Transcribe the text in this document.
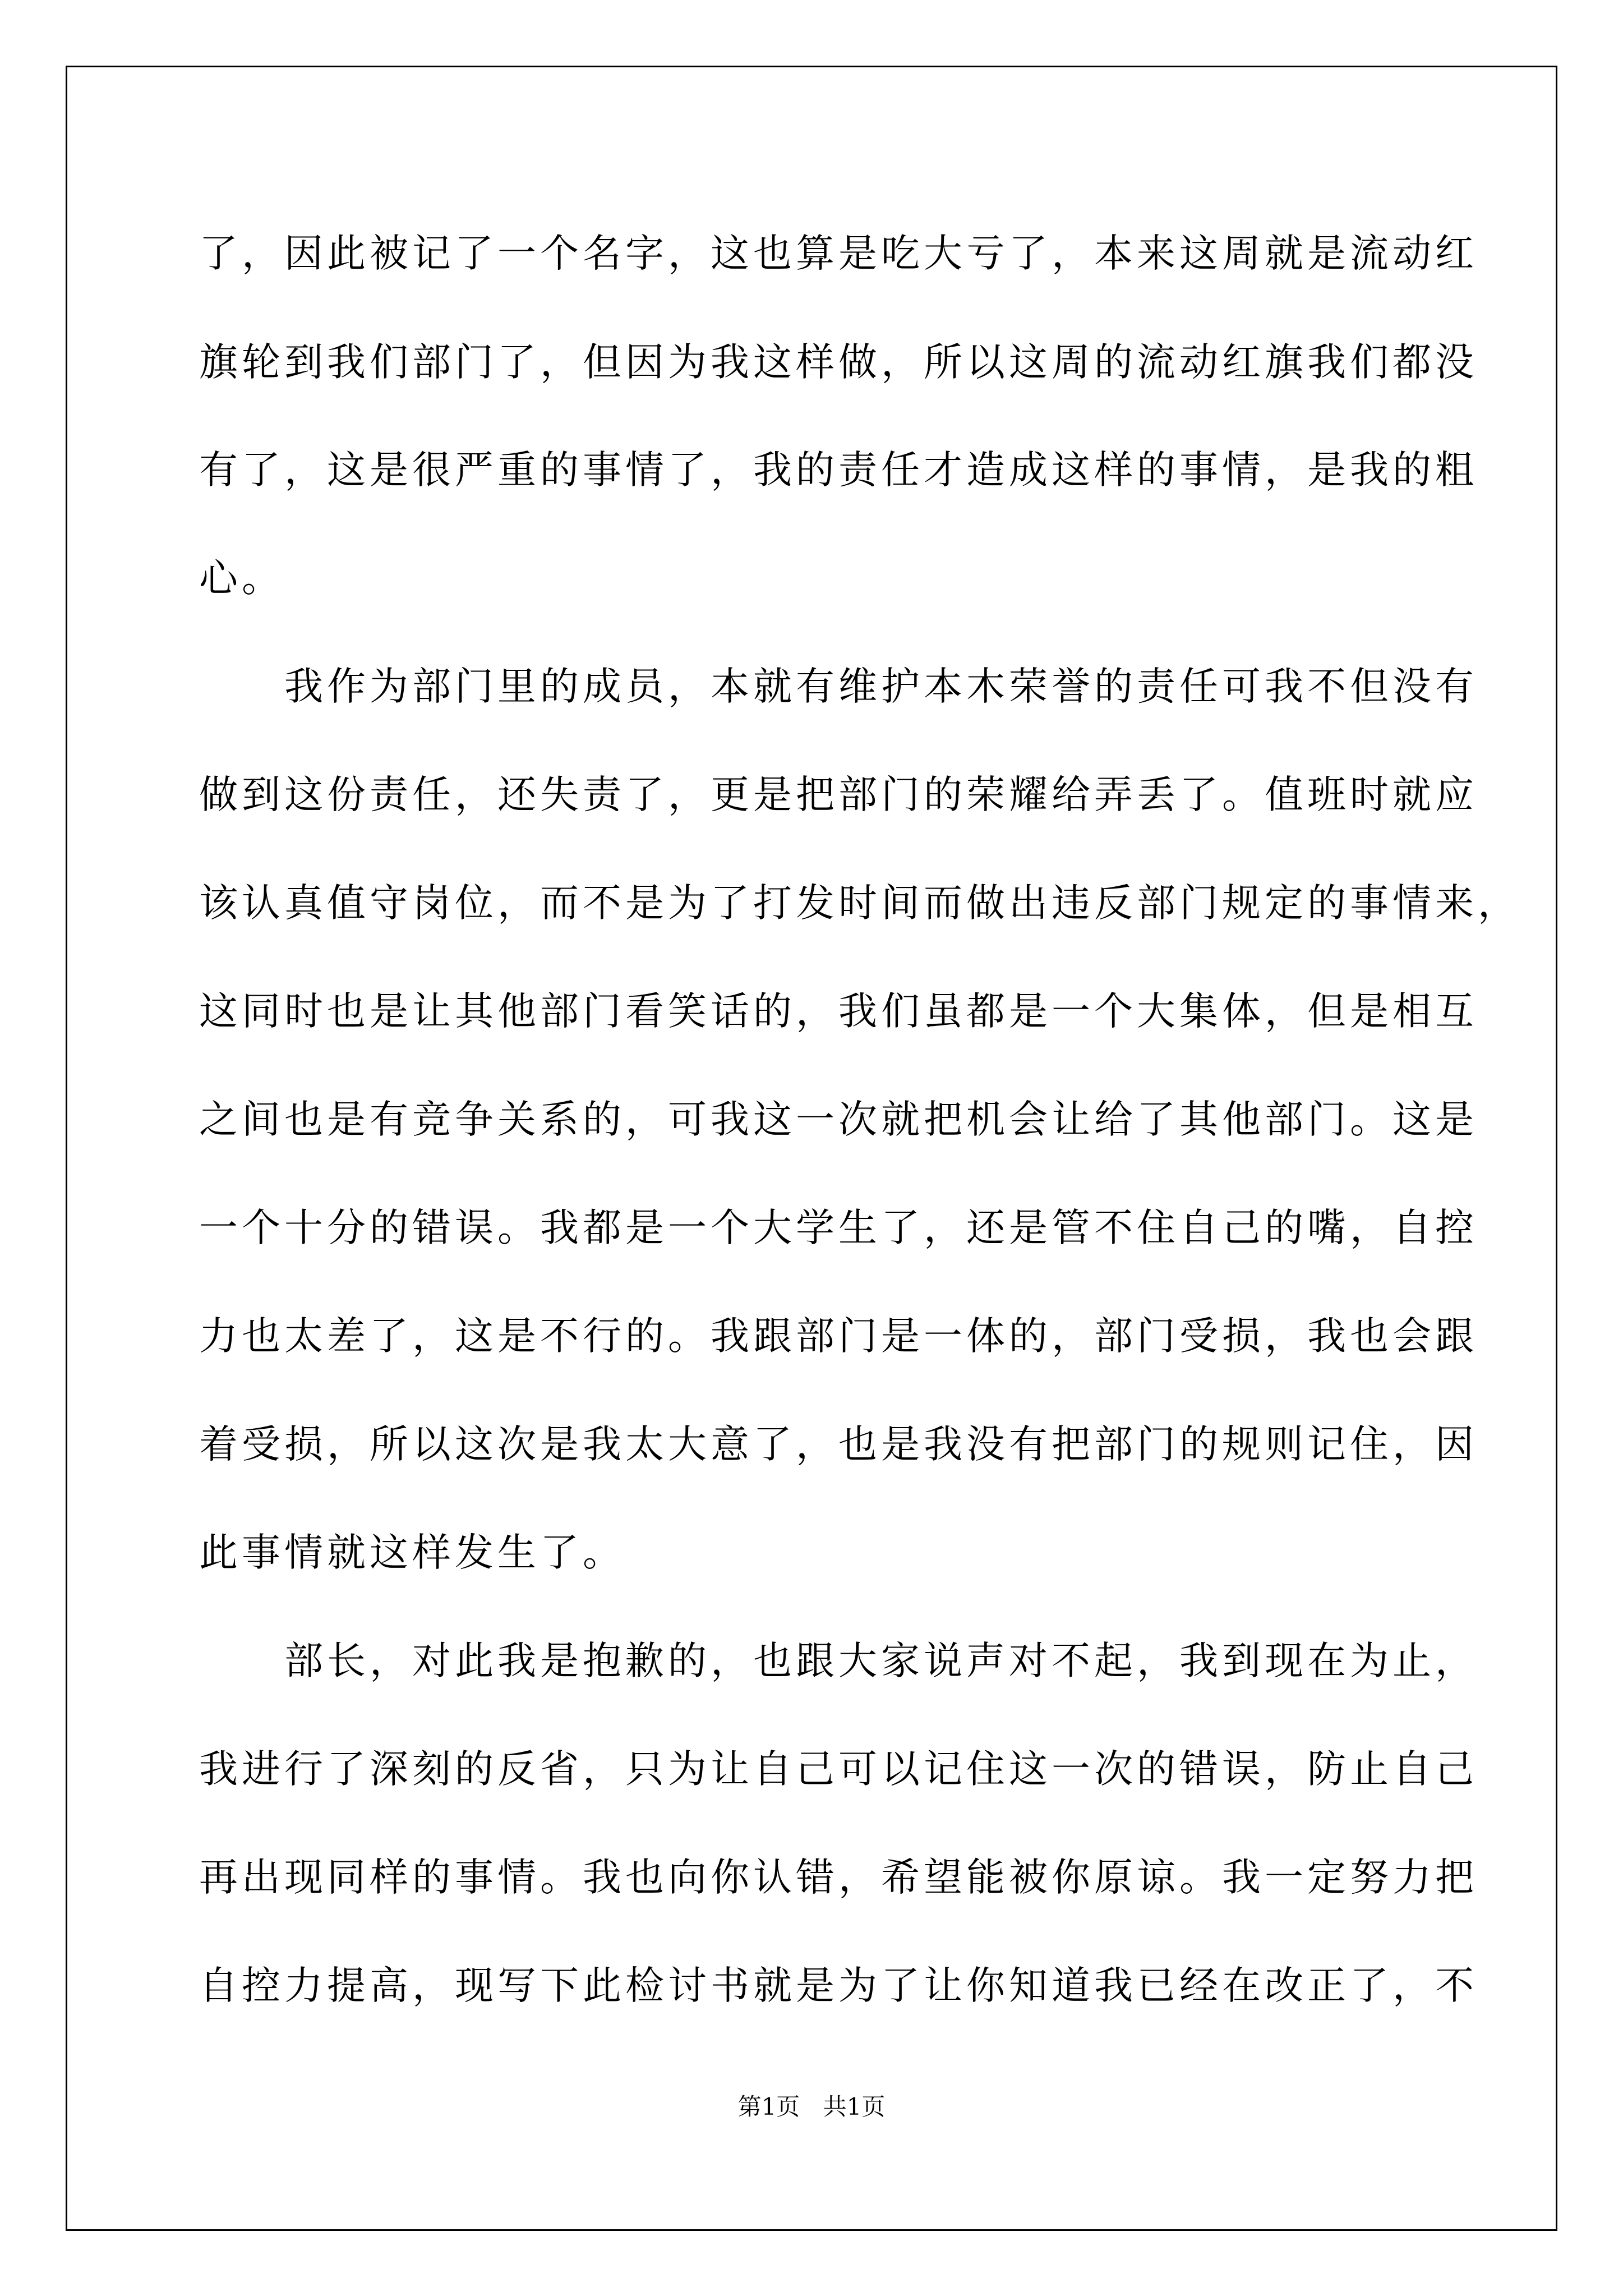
了，因此被记了一个名字，这也算是吃大亏了，本来这周就是流动红
旗轮到我们部门了，但因为我这样做，所以这周的流动红旗我们都没
有了，这是很严重的事情了，我的责任才造成这样的事情，是我的粗
心。
　　我作为部门里的成员，本就有维护本木荣誉的责任可我不但没有
做到这份责任，还失责了，更是把部门的荣耀给弄丢了。值班时就应
该认真值守岗位，而不是为了打发时间而做出违反部门规定的事情来，
这同时也是让其他部门看笑话的，我们虽都是一个大集体，但是相互
之间也是有竞争关系的，可我这一次就把机会让给了其他部门。这是
一个十分的错误。我都是一个大学生了，还是管不住自己的嘴，自控
力也太差了，这是不行的。我跟部门是一体的，部门受损，我也会跟
着受损，所以这次是我太大意了，也是我没有把部门的规则记住，因
此事情就这样发生了。
　　部长，对此我是抱歉的，也跟大家说声对不起，我到现在为止，
我进行了深刻的反省，只为让自己可以记住这一次的错误，防止自己
再出现同样的事情。我也向你认错，希望能被你原谅。我一定努力把
自控力提高，现写下此检讨书就是为了让你知道我已经在改正了，不
第1页 共1页
